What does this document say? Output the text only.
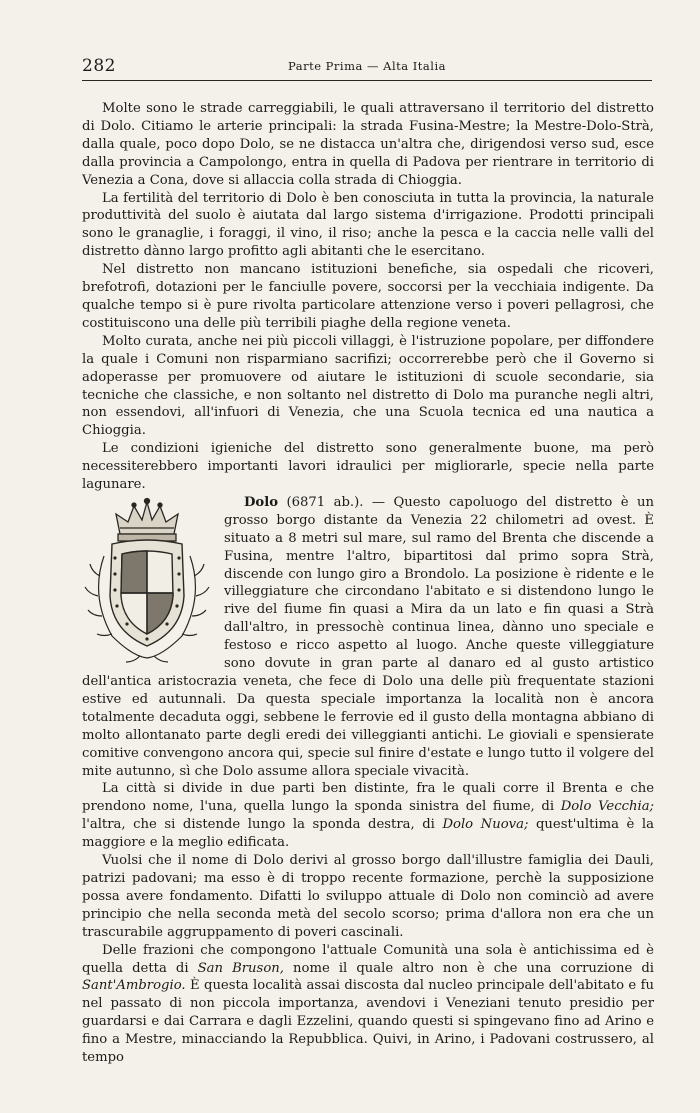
282	Parte Prima — Alta Italia

Molte sono le strade carreggiabili, le quali attraversano il territorio del distretto di Dolo. Citiamo le arterie principali: la strada Fusina-Mestre; la Mestre-Dolo-Strà, dalla quale, poco dopo Dolo, se ne distacca un'altra che, dirigendosi verso sud, esce dalla provincia a Campolongo, entra in quella di Padova per rientrare in territorio di Venezia a Cona, dove si allaccia colla strada di Chioggia.

La fertilità del territorio di Dolo è ben conosciuta in tutta la provincia, la naturale produttività del suolo è aiutata dal largo sistema d'irrigazione. Prodotti principali sono le granaglie, i foraggi, il vino, il riso; anche la pesca e la caccia nelle valli del distretto dànno largo profitto agli abitanti che le esercitano.

Nel distretto non mancano istituzioni benefiche, sia ospedali che ricoveri, brefotrofi, dotazioni per le fanciulle povere, soccorsi per la vecchiaia indigente. Da qualche tempo si è pure rivolta particolare attenzione verso i poveri pellagrosi, che costituiscono una delle più terribili piaghe della regione veneta.

Molto curata, anche nei più piccoli villaggi, è l'istruzione popolare, per diffondere la quale i Comuni non risparmiano sacrifizi; occorrerebbe però che il Governo si adoperasse per promuovere od aiutare le istituzioni di scuole secondarie, sia tecniche che classiche, e non soltanto nel distretto di Dolo ma puranche negli altri, non essendovi, all'infuori di Venezia, che una Scuola tecnica ed una nautica a Chioggia.

Le condizioni igieniche del distretto sono generalmente buone, ma però necessiterebbero importanti lavori idraulici per migliorarle, specie nella parte lagunare.

Dolo (6871 ab.). — Questo capoluogo del distretto è un grosso borgo distante da Venezia 22 chilometri ad ovest. È situato a 8 metri sul mare, sul ramo del Brenta che discende a Fusina, mentre l'altro, bipartitosi dal primo sopra Strà, discende con lungo giro a Brondolo. La posizione è ridente e le villeggiature che circondano l'abitato e si distendono lungo le rive del fiume fin quasi a Mira da un lato e fin quasi a Strà dall'altro, in pressochè continua linea, dànno uno speciale e festoso e ricco aspetto al luogo. Anche queste villeggiature sono dovute in gran parte al danaro ed al gusto artistico dell'antica aristocrazia veneta, che fece di Dolo una delle più frequentate stazioni estive ed autunnali. Da questa speciale importanza la località non è ancora totalmente decaduta oggi, sebbene le ferrovie ed il gusto della montagna abbiano di molto allontanato parte degli eredi dei villeggianti antichi. Le gioviali e spensierate comitive convengono ancora qui, specie sul finire d'estate e lungo tutto il volgere del mite autunno, sì che Dolo assume allora speciale vivacità.

La città si divide in due parti ben distinte, fra le quali corre il Brenta e che prendono nome, l'una, quella lungo la sponda sinistra del fiume, di Dolo Vecchia; l'altra, che si distende lungo la sponda destra, di Dolo Nuova; quest'ultima è la maggiore e la meglio edificata.

Vuolsi che il nome di Dolo derivi al grosso borgo dall'illustre famiglia dei Dauli, patrizi padovani; ma esso è di troppo recente formazione, perchè la supposizione possa avere fondamento. Difatti lo sviluppo attuale di Dolo non cominciò ad avere principio che nella seconda metà del secolo scorso; prima d'allora non era che un trascurabile aggruppamento di poveri cascinali.

Delle frazioni che compongono l'attuale Comunità una sola è antichissima ed è quella detta di San Bruson, nome il quale altro non è che una corruzione di Sant'Ambrogio. È questa località assai discosta dal nucleo principale dell'abitato e fu nel passato di non piccola importanza, avendovi i Veneziani tenuto presidio per guardarsi e dai Carrara e dagli Ezzelini, quando questi si spingevano fino ad Arino e fino a Mestre, minacciando la Repubblica. Quivi, in Arino, i Padovani costrussero, al tempo
